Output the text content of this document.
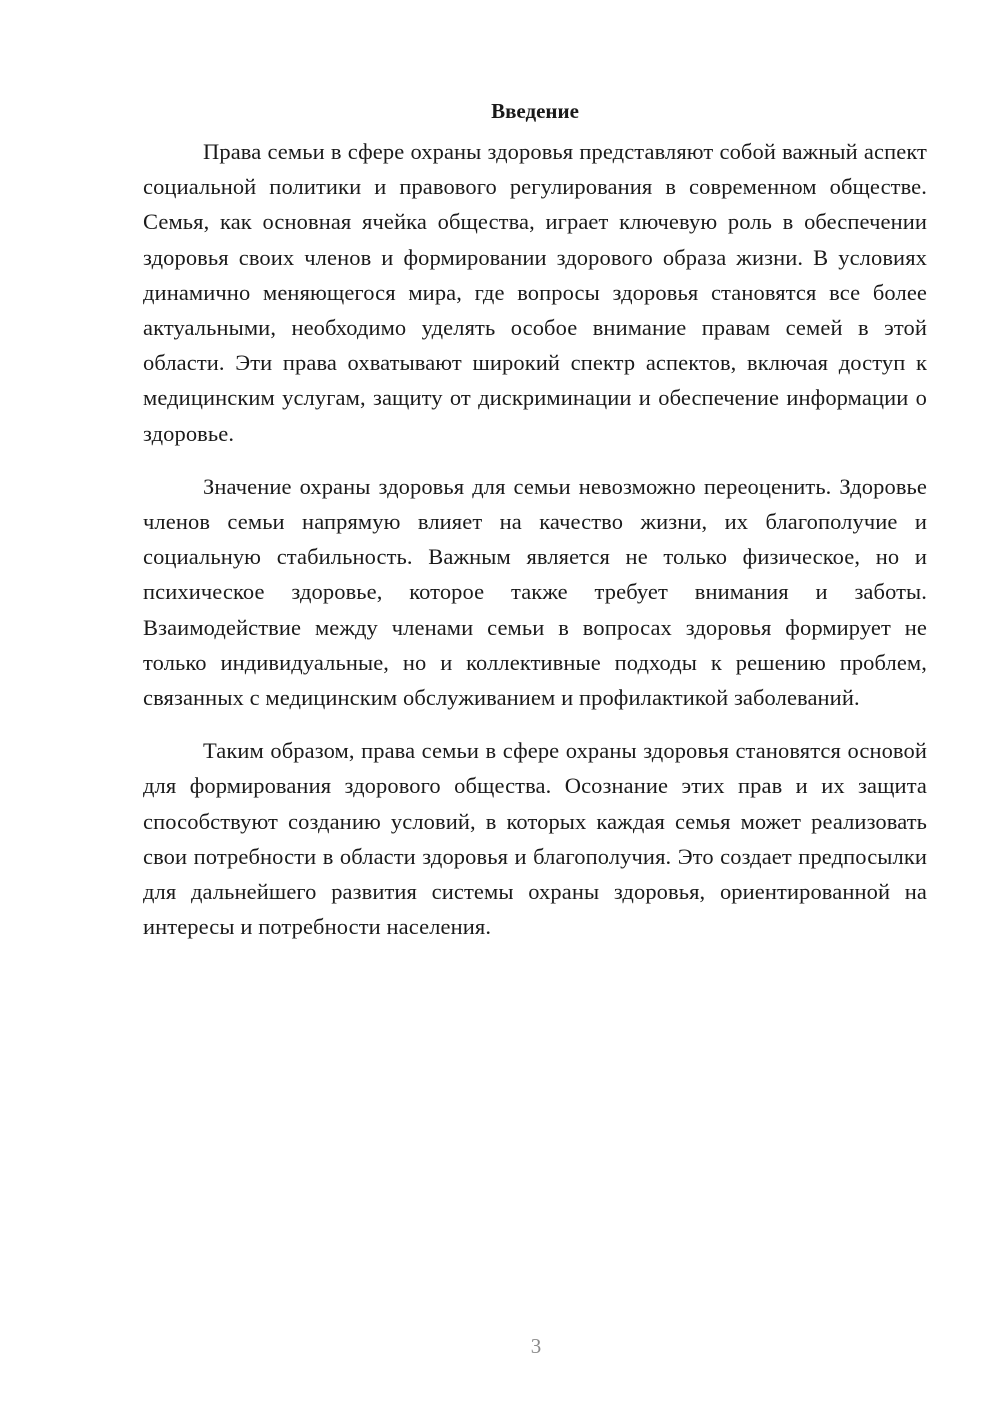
Введение

Права семьи в сфере охраны здоровья представляют собой важный аспект социальной политики и правового регулирования в современном обществе. Семья, как основная ячейка общества, играет ключевую роль в обеспечении здоровья своих членов и формировании здорового образа жизни. В условиях динамично меняющегося мира, где вопросы здоровья становятся все более актуальными, необходимо уделять особое внимание правам семей в этой области. Эти права охватывают широкий спектр аспектов, включая доступ к медицинским услугам, защиту от дискриминации и обеспечение информации о здоровье.

Значение охраны здоровья для семьи невозможно переоценить. Здоровье членов семьи напрямую влияет на качество жизни, их благополучие и социальную стабильность. Важным является не только физическое, но и психическое здоровье, которое также требует внимания и заботы. Взаимодействие между членами семьи в вопросах здоровья формирует не только индивидуальные, но и коллективные подходы к решению проблем, связанных с медицинским обслуживанием и профилактикой заболеваний.

Таким образом, права семьи в сфере охраны здоровья становятся основой для формирования здорового общества. Осознание этих прав и их защита способствуют созданию условий, в которых каждая семья может реализовать свои потребности в области здоровья и благополучия. Это создает предпосылки для дальнейшего развития системы охраны здоровья, ориентированной на интересы и потребности населения.

3
